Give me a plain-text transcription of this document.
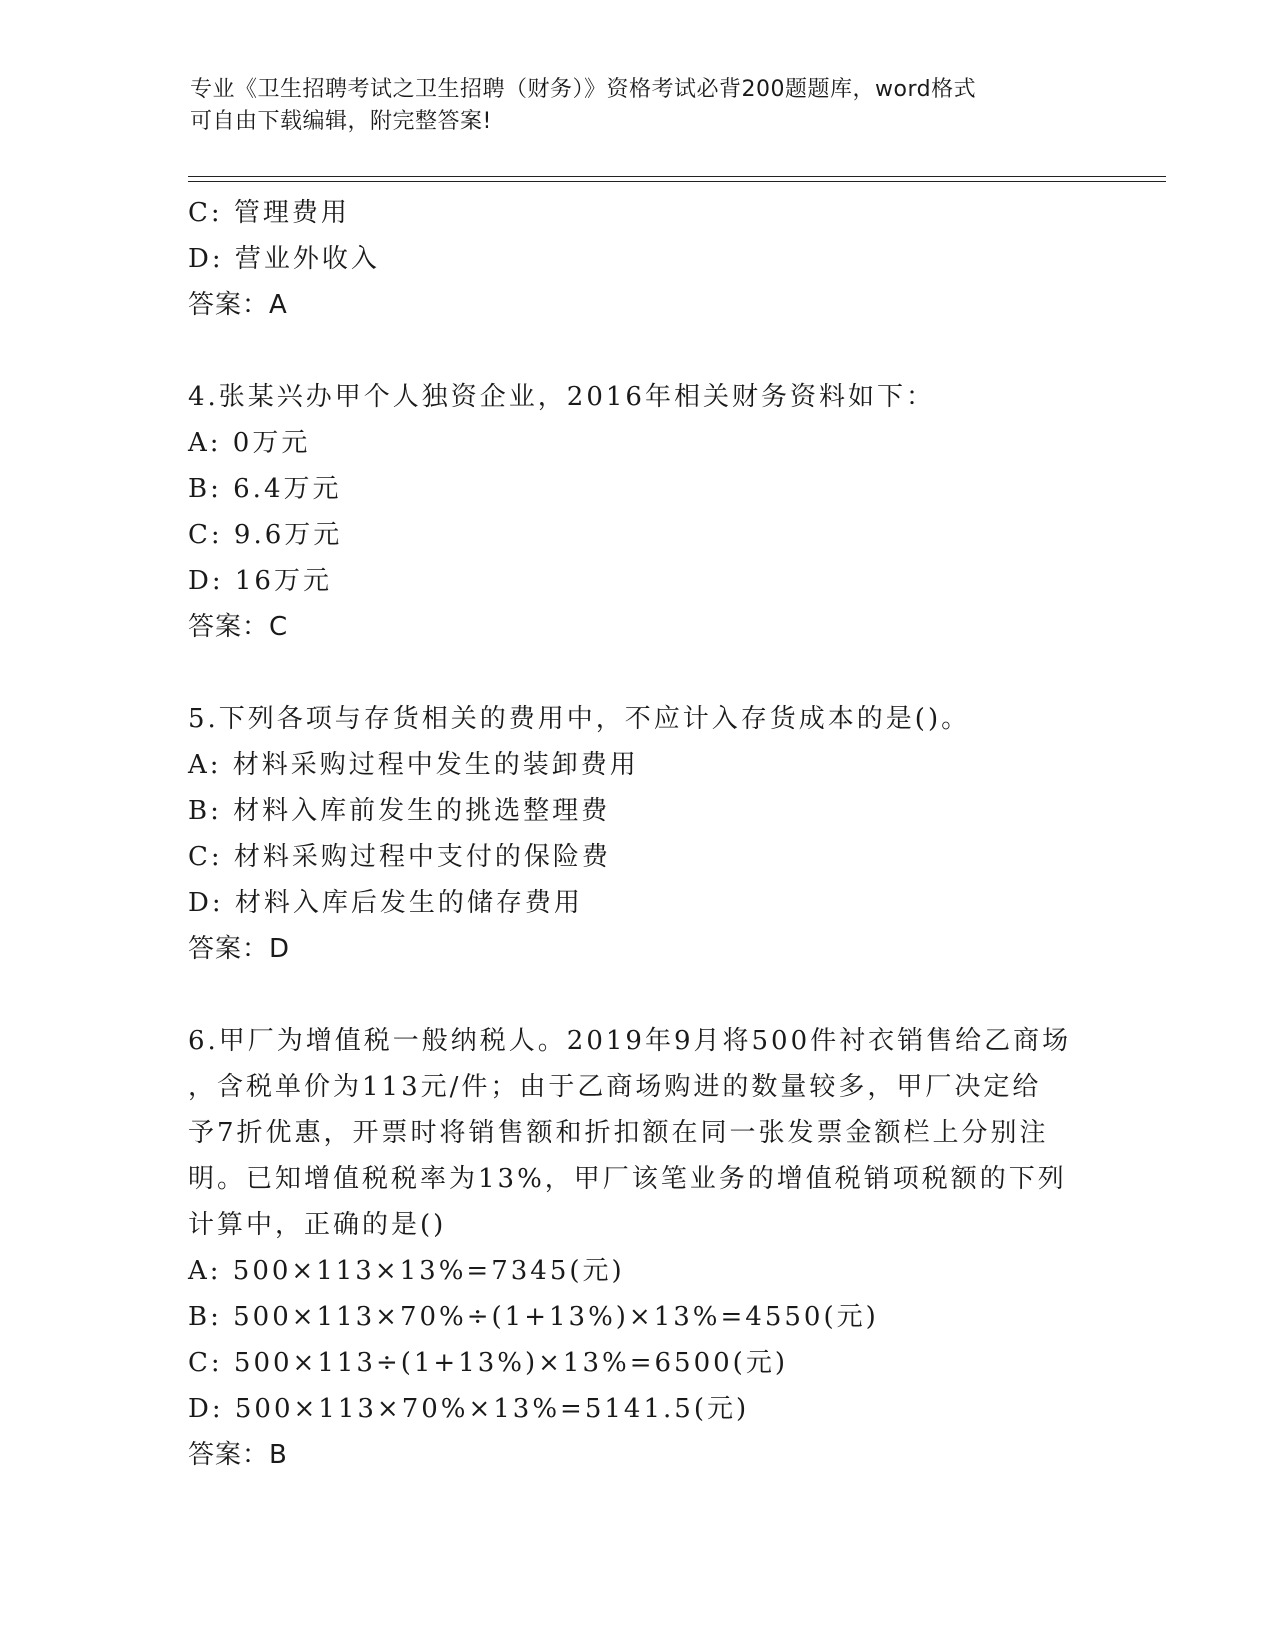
专业《卫生招聘考试之卫生招聘（财务）》资格考试必背200题题库，word格式
可自由下载编辑，附完整答案!
C: 管理费用
D: 营业外收入
答案：A
4.张某兴办甲个人独资企业，2016年相关财务资料如下：
A: 0万元
B: 6.4万元
C: 9.6万元
D: 16万元
答案：C
5.下列各项与存货相关的费用中，不应计入存货成本的是()。
A: 材料采购过程中发生的装卸费用
B: 材料入库前发生的挑选整理费
C: 材料采购过程中支付的保险费
D: 材料入库后发生的储存费用
答案：D
6.甲厂为增值税一般纳税人。2019年9月将500件衬衣销售给乙商场
，含税单价为113元/件；由于乙商场购进的数量较多，甲厂决定给
予7折优惠，开票时将销售额和折扣额在同一张发票金额栏上分别注
明。已知增值税税率为13%，甲厂该笔业务的增值税销项税额的下列
计算中，正确的是()
A: 500×113×13%=7345(元)
B: 500×113×70%÷(1+13%)×13%=4550(元)
C: 500×113÷(1+13%)×13%=6500(元)
D: 500×113×70%×13%=5141.5(元)
答案：B
